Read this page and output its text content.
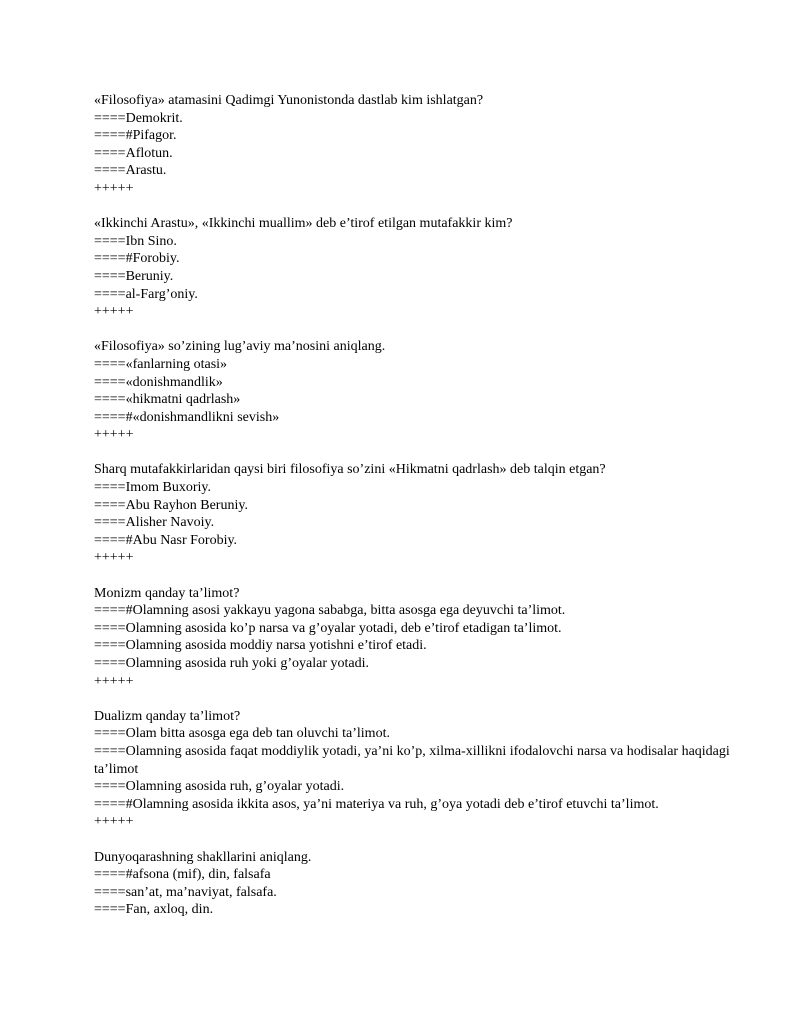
«Filosofiya» atamasini Qadimgi Yunonistonda dastlab kim ishlatgan?
====Demokrit.
====#Pifagor.
====Aflotun.
====Arastu.
+++++
«Ikkinchi Arastu», «Ikkinchi muallim» deb e’tirof etilgan mutafakkir kim?
====Ibn Sino.
====#Forobiy.
====Beruniy.
====al-Farg’oniy.
+++++
«Filosofiya» so’zining lug’aviy ma’nosini aniqlang.
====«fanlarning otasi»
====«donishmandlik»
====«hikmatni qadrlash»
====#«donishmandlikni sevish»
+++++
Sharq mutafakkirlaridan qaysi biri filosofiya so’zini «Hikmatni qadrlash» deb talqin etgan?
====Imom Buxoriy.
====Abu Rayhon Beruniy.
====Alisher Navoiy.
====#Abu Nasr Forobiy.
+++++
Monizm qanday ta’limot?
====#Olamning asosi yakkayu yagona sababga, bitta asosga ega deyuvchi ta’limot.
====Olamning asosida ko’p narsa va g’oyalar yotadi, deb e’tirof etadigan ta’limot.
====Olamning asosida moddiy narsa yotishni e’tirof etadi.
====Olamning asosida ruh yoki g’oyalar yotadi.
+++++
Dualizm qanday ta’limot?
====Olam bitta asosga ega deb tan oluvchi ta’limot.
====Olamning asosida faqat moddiylik yotadi, ya’ni ko’p, xilma-xillikni ifodalovchi narsa va hodisalar haqidagi ta’limot
====Olamning asosida ruh, g’oyalar yotadi.
====#Olamning asosida ikkita asos, ya’ni materiya va ruh, g’oya yotadi deb e’tirof etuvchi ta’limot.
+++++
Dunyoqarashning shakllarini aniqlang.
====#afsona (mif), din, falsafa
====san’at, ma’naviyat, falsafa.
====Fan, axloq, din.
